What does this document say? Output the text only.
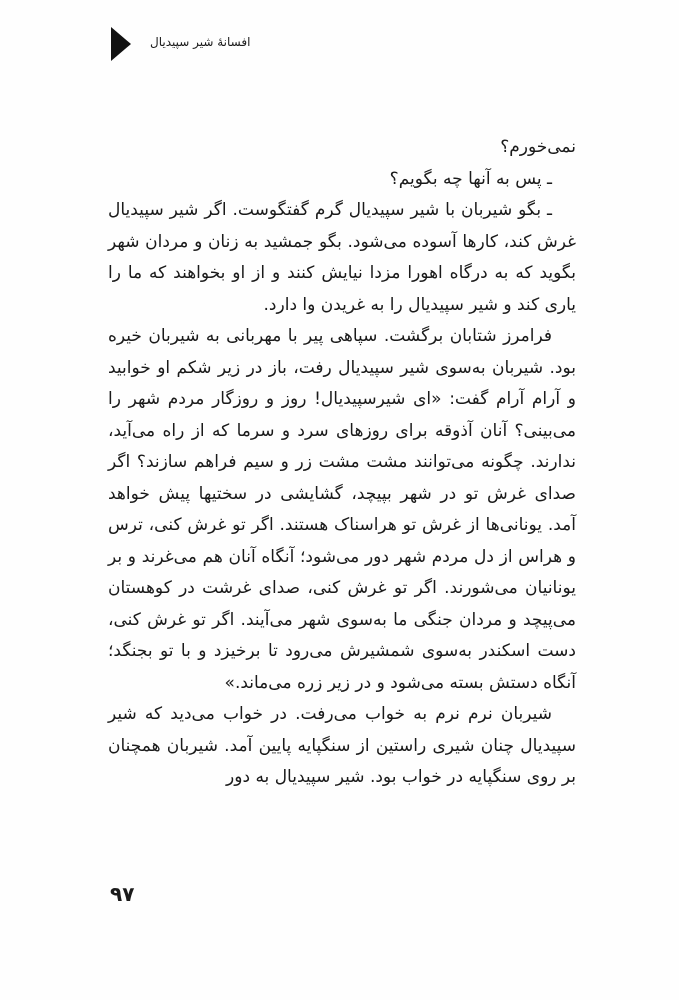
افسانهٔ شیر سپیدیال

نمی‌خورم؟

ـ پس به آنها چه بگویم؟

ـ بگو شیربان با شیر سپیدیال گرم گفتگوست. اگر شیر سپیدیال غرش کند، کارها آسوده می‌شود. بگو جمشید به زنان و مردان شهر بگوید که به درگاه اهورا مزدا نیایش کنند و از او بخواهند که ما را یاری کند و شیر سپیدیال را به غریدن وا دارد.

فرامرز شتابان برگشت. سپاهی پیر با مهربانی به شیربان خیره بود. شیربان به‌سوی شیر سپیدیال رفت، باز در زیر شکم او خوابید و آرام آرام گفت: «ای شیرسپیدیال! روز و روزگار مردم شهر را می‌بینی؟ آنان آذوقه برای روزهای سرد و سرما که از راه می‌آید، ندارند. چگونه می‌توانند مشت مشت زر و سیم فراهم سازند؟ اگر صدای غرش تو در شهر بپیچد، گشایشی در سختیها پیش خواهد آمد. یونانی‌ها از غرش تو هراسناک هستند. اگر تو غرش کنی، ترس و هراس از دل مردم شهر دور می‌شود؛ آنگاه آنان هم می‌غرند و بر یونانیان می‌شورند. اگر تو غرش کنی، صدای غرشت در کوهستان می‌پیچد و مردان جنگی ما به‌سوی شهر می‌آیند. اگر تو غرش کنی، دست اسکندر به‌سوی شمشیرش می‌رود تا برخیزد و با تو بجنگد؛ آنگاه دستش بسته می‌شود و در زیر زره می‌ماند.»

شیربان نرم نرم به خواب می‌رفت. در خواب می‌دید که شیر سپیدیال چنان شیری راستین از سنگپایه پایین آمد. شیربان همچنان بر روی سنگپایه در خواب بود. شیر سپیدیال به دور

۹۷
